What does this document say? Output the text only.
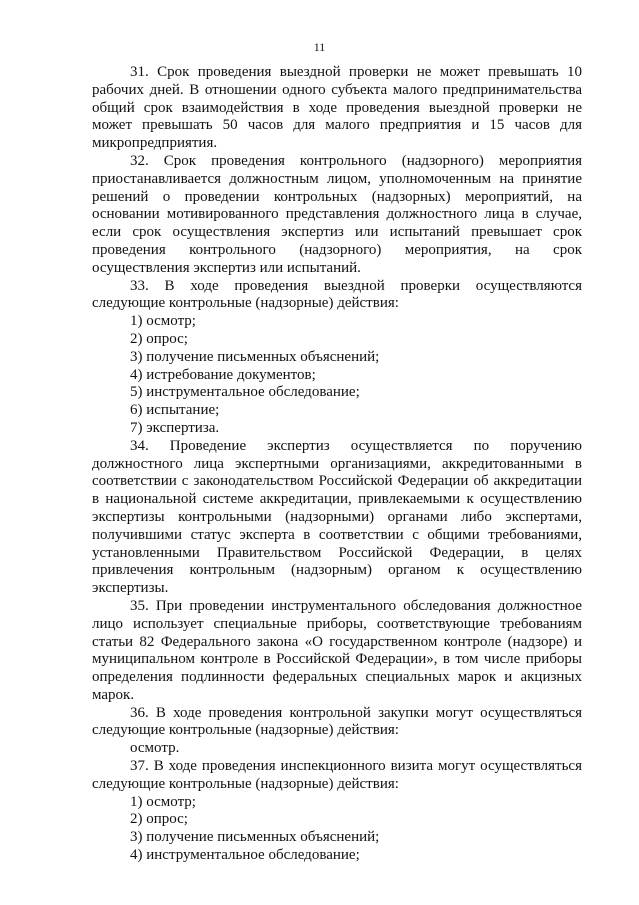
11

31. Срок проведения выездной проверки не может превышать 10 рабочих дней. В отношении одного субъекта малого предпринимательства общий срок взаимодействия в ходе проведения выездной проверки не может превышать 50 часов для малого предприятия и 15 часов для микропредприятия.

32. Срок проведения контрольного (надзорного) мероприятия приостанавливается должностным лицом, уполномоченным на принятие решений о проведении контрольных (надзорных) мероприятий, на основании мотивированного представления должностного лица в случае, если срок осуществления экспертиз или испытаний превышает срок проведения контрольного (надзорного) мероприятия, на срок осуществления экспертиз или испытаний.

33. В ходе проведения выездной проверки осуществляются следующие контрольные (надзорные) действия:

1) осмотр;

2) опрос;

3) получение письменных объяснений;

4) истребование документов;

5) инструментальное обследование;

6) испытание;

7) экспертиза.

34. Проведение экспертиз осуществляется по поручению должностного лица экспертными организациями, аккредитованными в соответствии с законодательством Российской Федерации об аккредитации в национальной системе аккредитации, привлекаемыми к осуществлению экспертизы контрольными (надзорными) органами либо экспертами, получившими статус эксперта в соответствии с общими требованиями, установленными Правительством Российской Федерации, в целях привлечения контрольным (надзорным) органом к осуществлению экспертизы.

35. При проведении инструментального обследования должностное лицо использует специальные приборы, соответствующие требованиям статьи 82 Федерального закона «О государственном контроле (надзоре) и муниципальном контроле в Российской Федерации», в том числе приборы определения подлинности федеральных специальных марок и акцизных марок.

36. В ходе проведения контрольной закупки могут осуществляться следующие контрольные (надзорные) действия:

осмотр.

37. В ходе проведения инспекционного визита могут осуществляться следующие контрольные (надзорные) действия:

1) осмотр;

2) опрос;

3) получение письменных объяснений;

4) инструментальное обследование;
